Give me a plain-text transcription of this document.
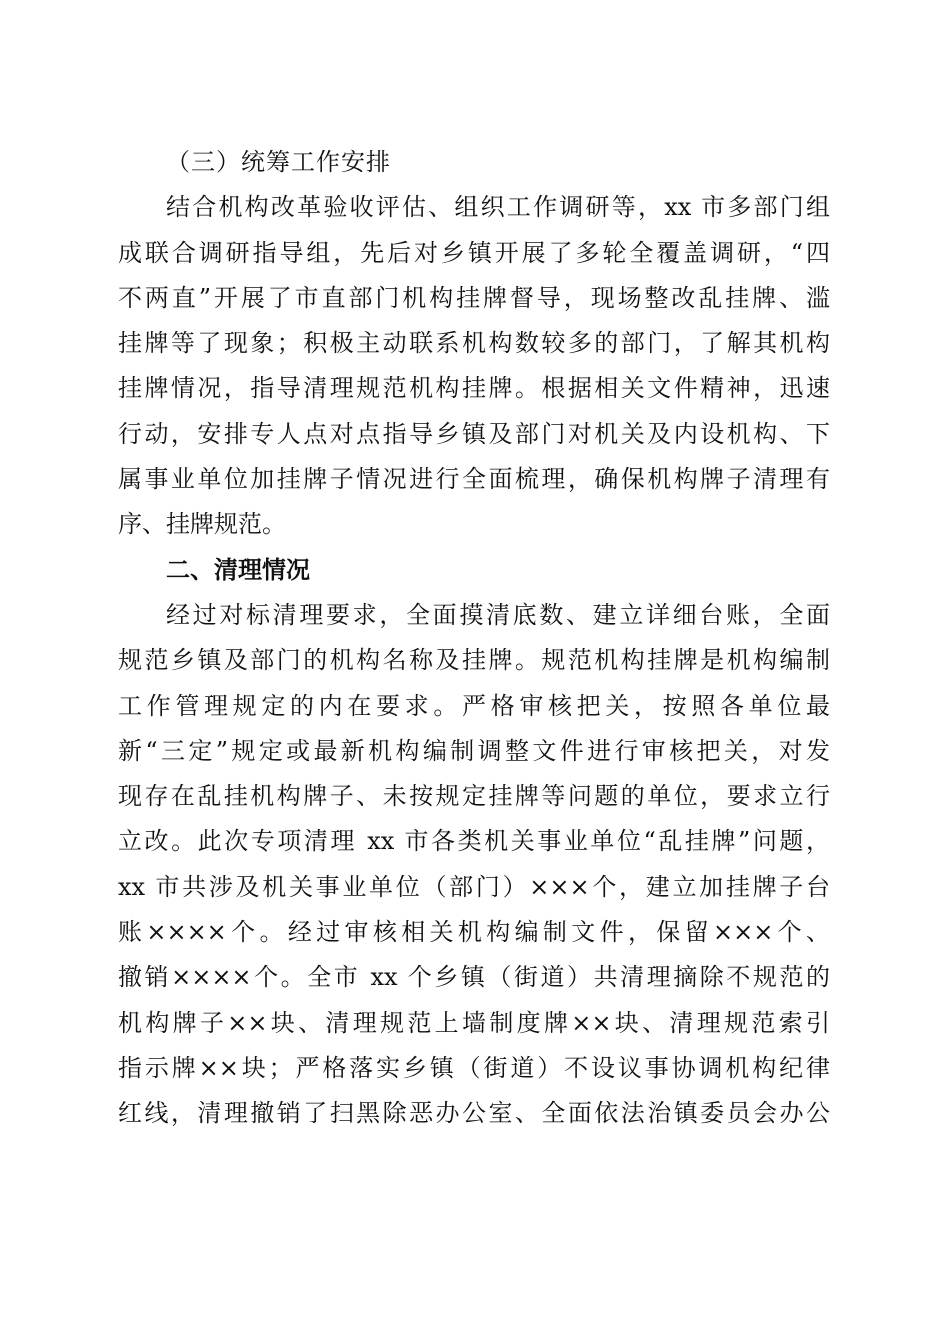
（三）统筹工作安排
结合机构改革验收评估、组织工作调研等，xx 市多部门组
成联合调研指导组，先后对乡镇开展了多轮全覆盖调研，“四
不两直”开展了市直部门机构挂牌督导，现场整改乱挂牌、滥
挂牌等了现象；积极主动联系机构数较多的部门，了解其机构
挂牌情况，指导清理规范机构挂牌。根据相关文件精神，迅速
行动，安排专人点对点指导乡镇及部门对机关及内设机构、下
属事业单位加挂牌子情况进行全面梳理，确保机构牌子清理有
序、挂牌规范。
二、清理情况
经过对标清理要求，全面摸清底数、建立详细台账，全面
规范乡镇及部门的机构名称及挂牌。规范机构挂牌是机构编制
工作管理规定的内在要求。严格审核把关，按照各单位最
新“三定”规定或最新机构编制调整文件进行审核把关，对发
现存在乱挂机构牌子、未按规定挂牌等问题的单位，要求立行
立改。此次专项清理 xx 市各类机关事业单位“乱挂牌”问题，
xx 市共涉及机关事业单位（部门）×××个，建立加挂牌子台
账××××个。经过审核相关机构编制文件，保留×××个、
撤销××××个。全市 xx 个乡镇（街道）共清理摘除不规范的
机构牌子××块、清理规范上墙制度牌××块、清理规范索引
指示牌××块；严格落实乡镇（街道）不设议事协调机构纪律
红线，清理撤销了扫黑除恶办公室、全面依法治镇委员会办公
